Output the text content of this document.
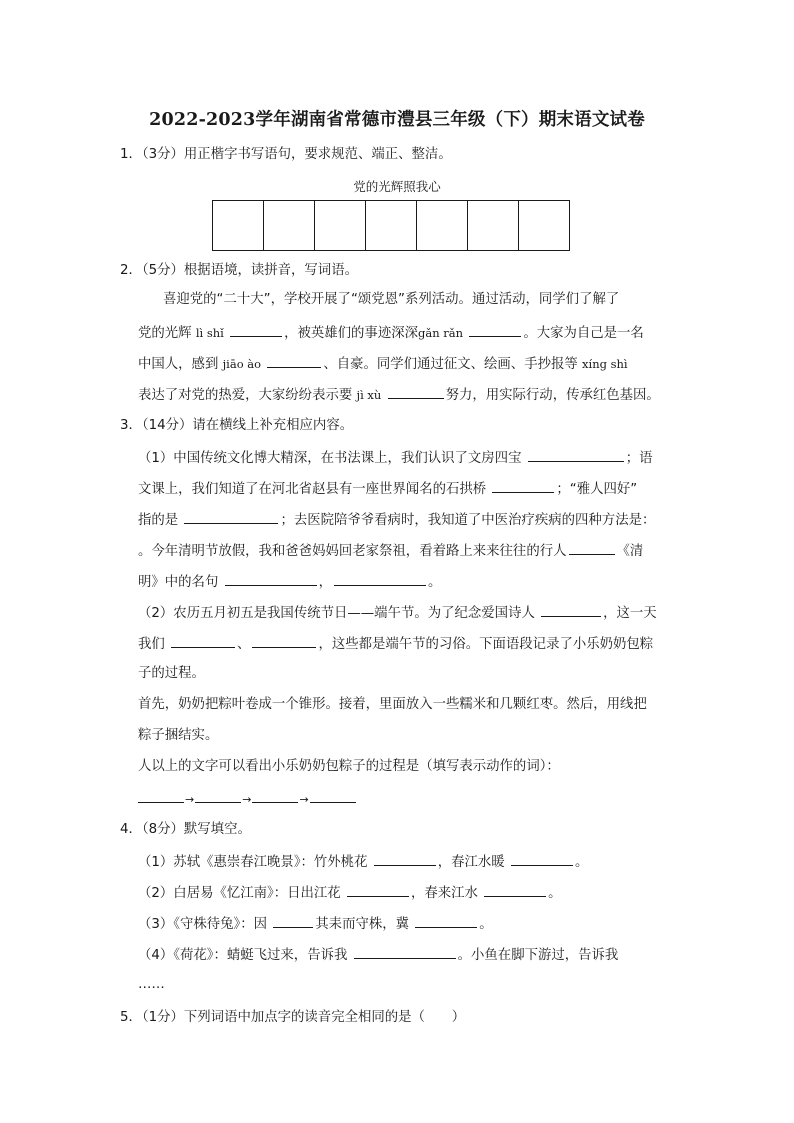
2022-2023学年湖南省常德市澧县三年级（下）期末语文试卷
1．（3分）用正楷字书写语句，要求规范、端正、整洁。
党的光辉照我心
2．（5分）根据语境，读拼音，写词语。
喜迎党的“二十大”，学校开展了“颂党恩”系列活动。通过活动，同学们了解了
党的光辉 lì shǐ	，被英雄们的事迹深深gǎn rǎn	。大家为自己是一名
中国人，感到 jiāo ào	、自豪。同学们通过征文、绘画、手抄报等 xíng shì
表达了对党的热爱，大家纷纷表示要 jì xù	努力，用实际行动，传承红色基因。
3．（14分）请在横线上补充相应内容。
（1）中国传统文化博大精深，在书法课上，我们认识了文房四宝	；语
文课上，我们知道了在河北省赵县有一座世界闻名的石拱桥	；“雅人四好”
指的是	；去医院陪爷爷看病时，我知道了中医治疗疾病的四种方法是：
。今年清明节放假，我和爸爸妈妈回老家祭祖，看着路上来来往往的行人	《清
明》中的名句	，	。
（2）农历五月初五是我国传统节日——端午节。为了纪念爱国诗人	，这一天
我们	、	，这些都是端午节的习俗。下面语段记录了小乐奶奶包粽
子的过程。
首先，奶奶把粽叶卷成一个锥形。接着，里面放入一些糯米和几颗红枣。然后，用线把
粽子捆结实。
人以上的文字可以看出小乐奶奶包粽子的过程是（填写表示动作的词）：
→	→	→
4．（8分）默写填空。
（1）苏轼《惠崇春江晚景》：竹外桃花	，春江水暖	。
（2）白居易《忆江南》：日出江花	，春来江水	。
（3）《守株待兔》：因	其耒而守株，冀	。
（4）《荷花》：蜻蜓飞过来，告诉我	。小鱼在脚下游过，告诉我
……
5．（1分）下列词语中加点字的读音完全相同的是（　　）
